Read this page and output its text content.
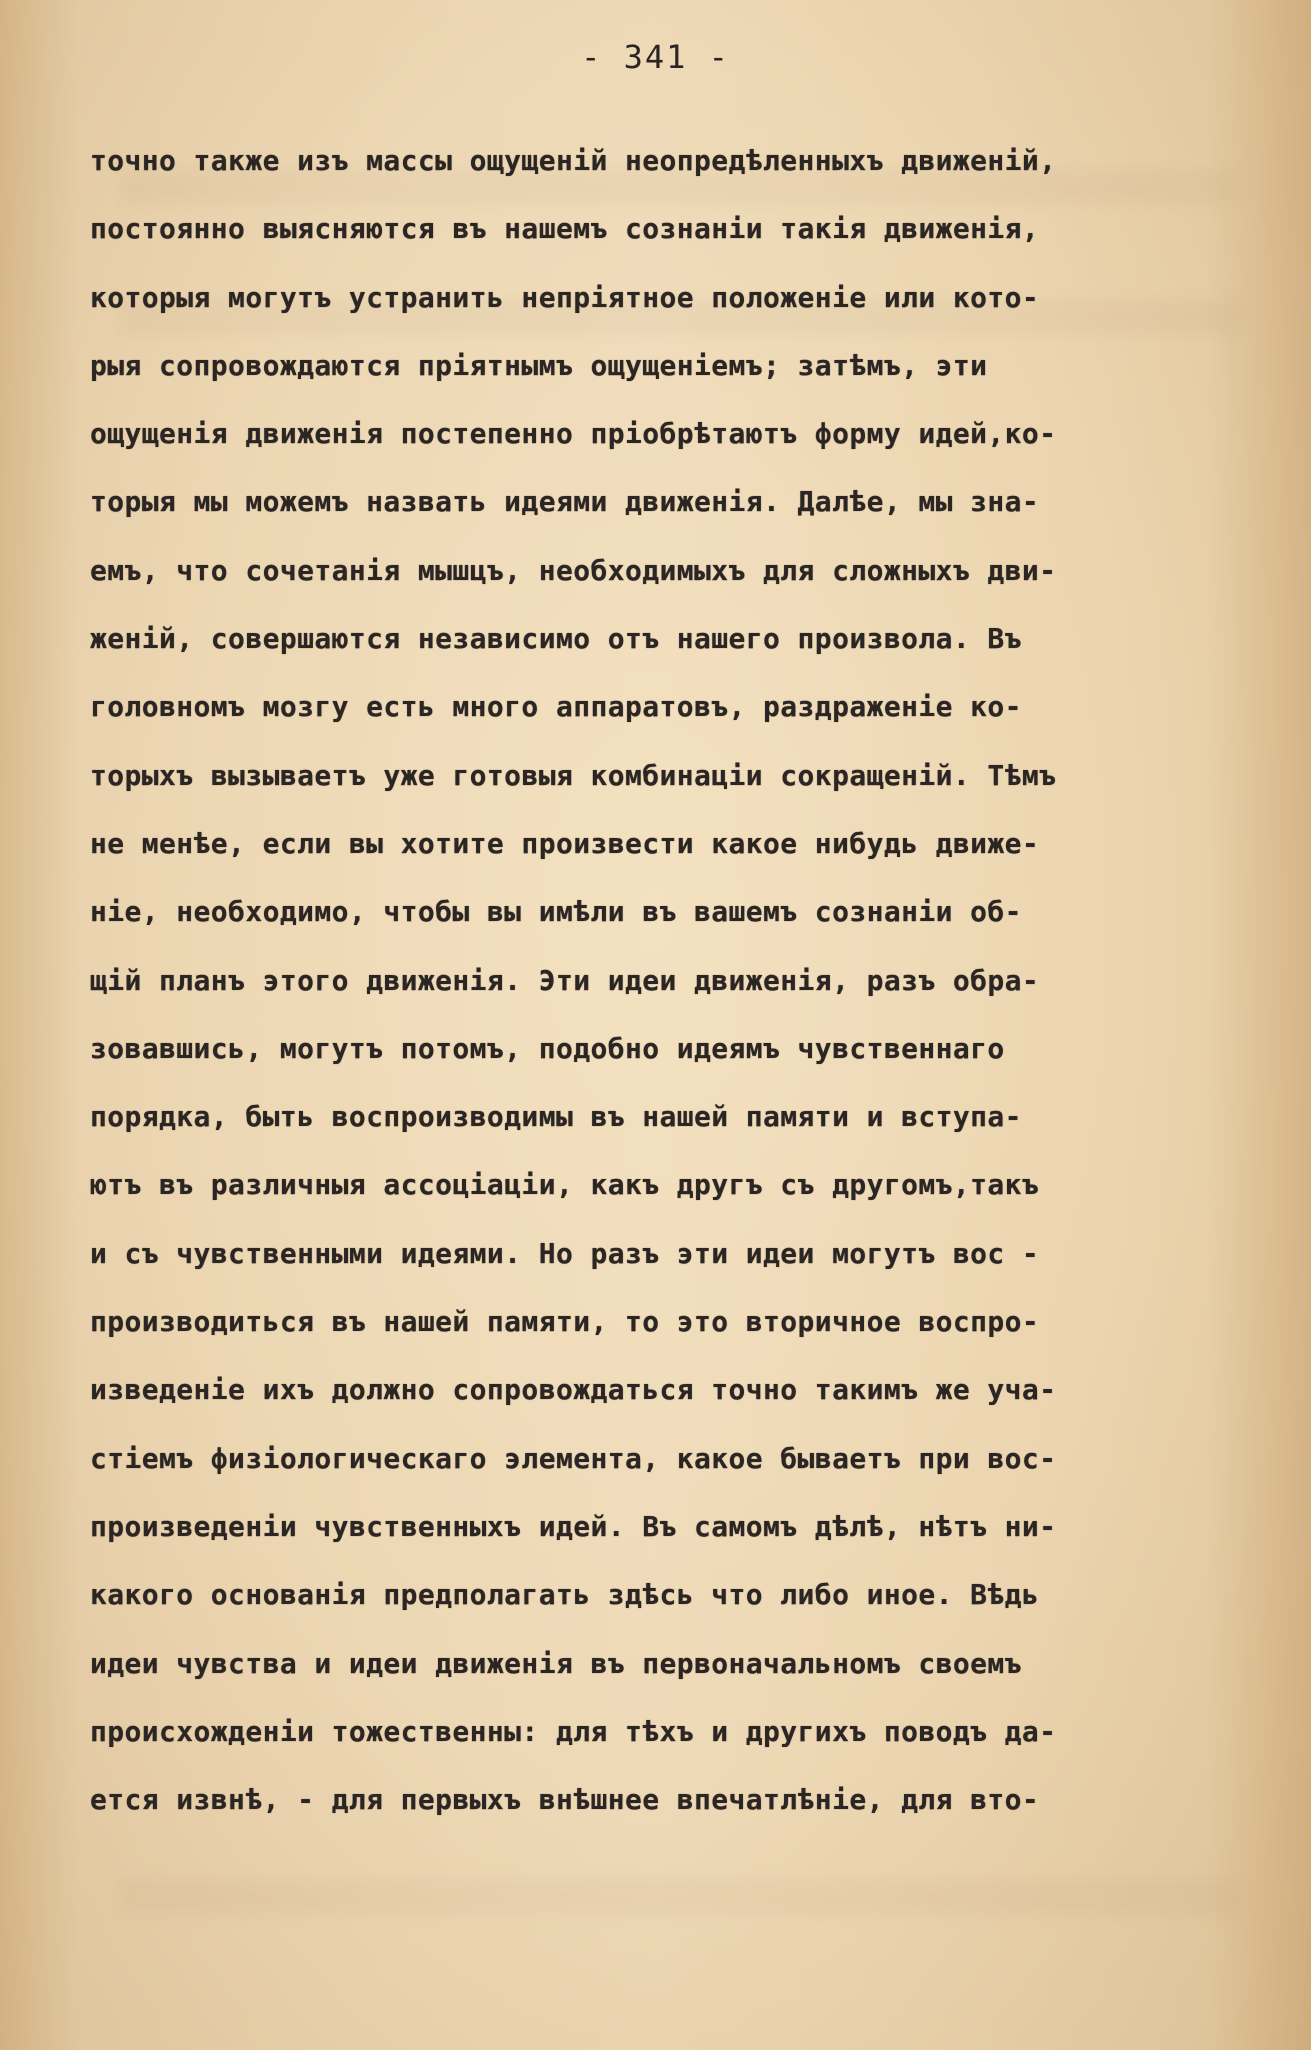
- 341 -
точно также изъ массы ощущенiй неопредѣленныхъ движенiй,
постоянно выясняются въ нашемъ сознанiи такiя движенiя,
которыя могутъ устранить непрiятное положенiе или кото-
рыя сопровождаются прiятнымъ ощущенiемъ; затѣмъ, эти
ощущенiя движенiя постепенно прiобрѣтаютъ форму идей,ко-
торыя мы можемъ назвать идеями движенiя. Далѣе, мы зна-
емъ, что сочетанiя мышцъ, необходимыхъ для сложныхъ дви-
женiй, совершаются независимо отъ нашего произвола. Въ
головномъ мозгу есть много аппаратовъ, раздраженiе ко-
торыхъ вызываетъ уже готовыя комбинацiи сокращенiй. Тѣмъ
не менѣе, если вы хотите произвести какое нибудь движе-
нiе, необходимо, чтобы вы имѣли въ вашемъ сознанiи об-
щiй планъ этого движенiя. Эти идеи движенiя, разъ обра-
зовавшись, могутъ потомъ, подобно идеямъ чувственнаго
порядка, быть воспроизводимы въ нашей памяти и вступа-
ютъ въ различныя ассоцiацiи, какъ другъ съ другомъ,такъ
и съ чувственными идеями. Но разъ эти идеи могутъ вос -
производиться въ нашей памяти, то это вторичное воспро-
изведенiе ихъ должно сопровождаться точно такимъ же уча-
стiемъ физiологическаго элемента, какое бываетъ при вос-
произведенiи чувственныхъ идей. Въ самомъ дѣлѣ, нѣтъ ни-
какого основанiя предполагать здѣсь что либо иное. Вѣдь
идеи чувства и идеи движенiя въ первоначальномъ своемъ
происхожденiи тожественны: для тѣхъ и другихъ поводъ да-
ется извнѣ, - для первыхъ внѣшнее впечатлѣнiе, для вто-
